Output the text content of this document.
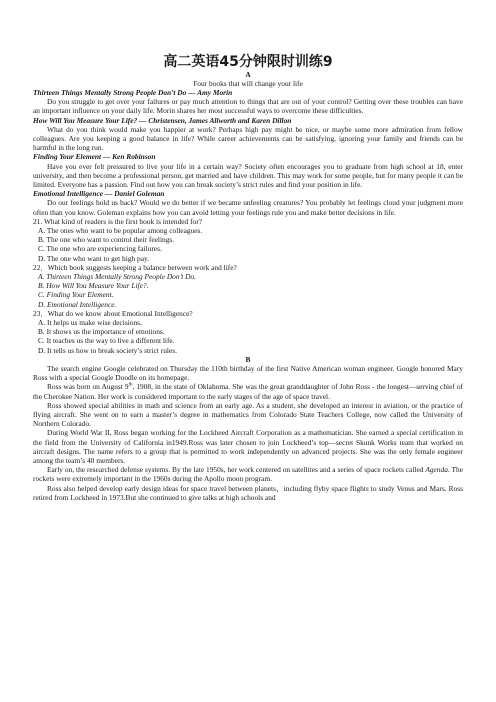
高二英语45分钟限时训练9
A
Four books that will change your life

Thirteen Things Mentally Strong People Don’t Do — Amy Morin

Do you struggle to get over your failures or pay much attention to things that are out of your control? Getting over these troubles can have an important influence on your daily life. Morin shares her most successful ways to overcome these difficulties.

How Will You Measure Your Life? — Christensen, James Allworth and Karen Dillon

What do you think would make you happier at work? Perhaps high pay might be nice, or maybe some more admiration from fellow colleagues. Are you keeping a good balance in life? While career achievements can be satisfying, ignoring your family and friends can be harmful in the long run.

Finding Your Element — Ken Robinson

Have you ever felt pressured to live your life in a certain way? Society often encourages you to graduate from high school at 18, enter university, and then become a professional person, get married and have children. This may work for some people, but for many people it can be limited. Everyone has a passion. Find out how you can break society’s strict rules and find your position in life.

Emotional Intelligence — Daniel Goleman

Do our feelings hold us back? Would we do better if we became unfeeling creatures? You probably let feelings cloud your judgment more often than you know. Goleman explains how you can avoid letting your feelings rule you and make better decisions in life.

21. What kind of readers is the first book is intended for?

A. The ones who want to be popular among colleagues.

B. The one who want to control their feelings.

C. The one who are experiencing failures.

D. The one who want to get high pay.

22．Which book suggests keeping a balance between work and life?

A. Thirteen Things Mentally Strong People Don’t Do.

B. How Will You Measure Your Life?.

C. Finding Your Element.

D. Emotional Intelligence.

23．What do we know about Emotional Intelligence?

A. It helps us make wise decisions.

B. It shows us the importance of emotions.

C. It teaches us the way to live a different life.

D. It tells us how to break society’s strict rules.

B

The search engine Google celebrated on Thursday the 110th birthday of the first Native American woman engineer. Google honored Mary Ross with a special Google Doodle on its homepage.

Ross was born on August 9th, 1908, in the state of Oklahoma. She was the great granddaughter of John Ross - the longest—serving chief of the Cherokee Nation. Her work is considered important to the early stages of the age of space travel.

Ross showed special abilities in math and science from an early age. As a student, she developed an interest in aviation, or the practice of flying aircraft. She went on to earn a master’s degree in mathematics from Colorado State Teachers College, now called the University of Northern Colorado.

During World War II, Ross began working for the Lockheed Aircraft Corporation as a mathematician. She earned a special certification in the field from the University of California in1949.Ross was later chosen to join Lockheed’s top—secret Skunk Works team that worked on aircraft designs. The name refers to a group that is permitted to work independently on advanced projects. She was the only female engineer among the team’s 40 members.

Early on, the researched defense systems. By the late 1950s, her work centered on satellites and a series of space rockets called Agenda. The rockets were extremely important in the 1960s during the Apollo moon program.

Ross also helped develop early design ideas for space travel between planets，including flyby space flights to study Venus and Mars. Ross retired from Lockheed in 1973.But she continued to give talks at high schools and
